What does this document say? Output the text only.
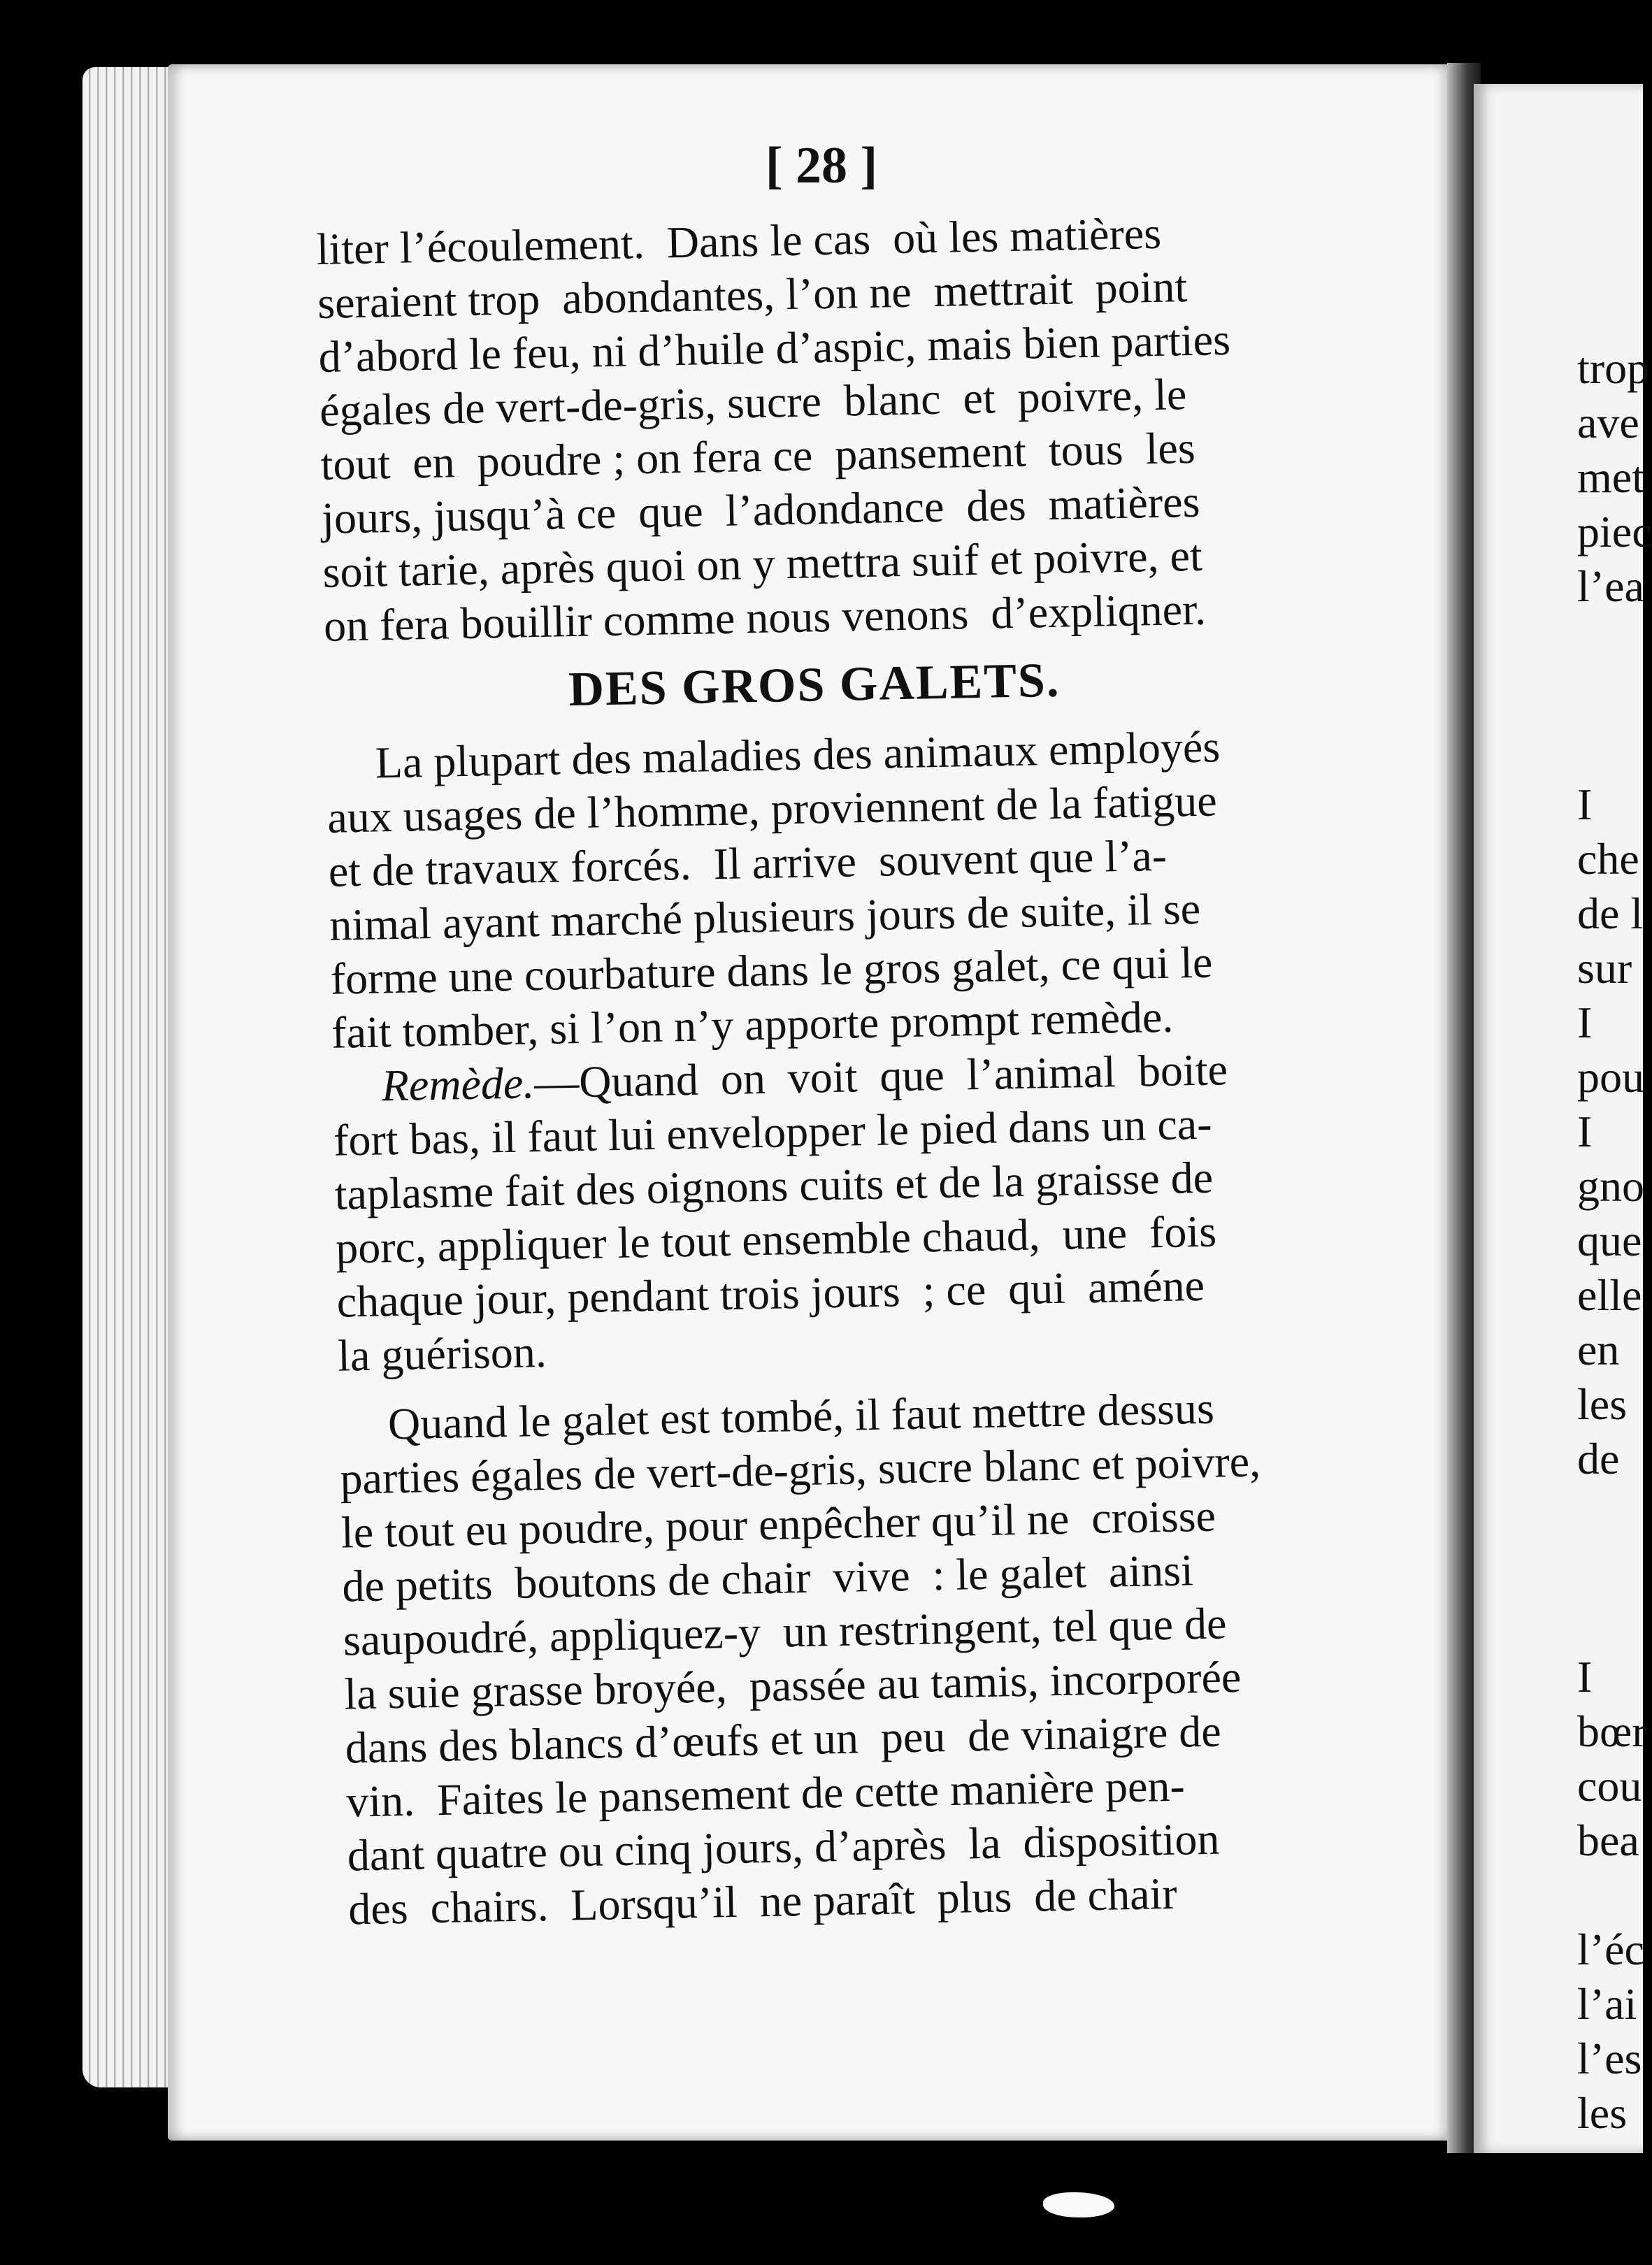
trop
ave
met
piec
l’ea
I
che
de l
sur
I
pou
I
gno
que
elle
en
les
de
I
bœr
cou
bea
l’éc
l’ai
l’es
les
[ 28 ]
liter l’écoulement.  Dans le cas  où les matières
seraient trop  abondantes, l’on ne  mettrait  point
d’abord le feu, ni d’huile d’aspic, mais bien parties
égales de vert-de-gris, sucre  blanc  et  poivre, le
tout  en  poudre ; on fera ce  pansement  tous  les
jours, jusqu’à ce  que  l’adondance  des  matières
soit tarie, après quoi on y mettra suif et poivre, et
on fera bouillir comme nous venons  d’expliqner.
DES GROS GALETS.
La plupart des maladies des animaux employés
aux usages de l’homme, proviennent de la fatigue
et de travaux forcés.  Il arrive  souvent que l’a-
nimal ayant marché plusieurs jours de suite, il se
forme une courbature dans le gros galet, ce qui le
fait tomber, si l’on n’y apporte prompt remède.
Remède.—Quand  on  voit  que  l’animal  boite
fort bas, il faut lui envelopper le pied dans un ca-
taplasme fait des oignons cuits et de la graisse de
porc, appliquer le tout ensemble chaud,  une  fois
chaque jour, pendant trois jours  ; ce  qui  améne
la guérison.
Quand le galet est tombé, il faut mettre dessus
parties égales de vert-de-gris, sucre blanc et poivre,
le tout eu poudre, pour enpêcher qu’il ne  croisse
de petits  boutons de chair  vive  : le galet  ainsi
saupoudré, appliquez-y  un restringent, tel que de
la suie grasse broyée,  passée au tamis, incorporée
dans des blancs d’œufs et un  peu  de vinaigre de
vin.  Faites le pansement de cette manière pen-
dant quatre ou cinq jours, d’après  la  disposition
des  chairs.  Lorsqu’il  ne paraît  plus  de chair
